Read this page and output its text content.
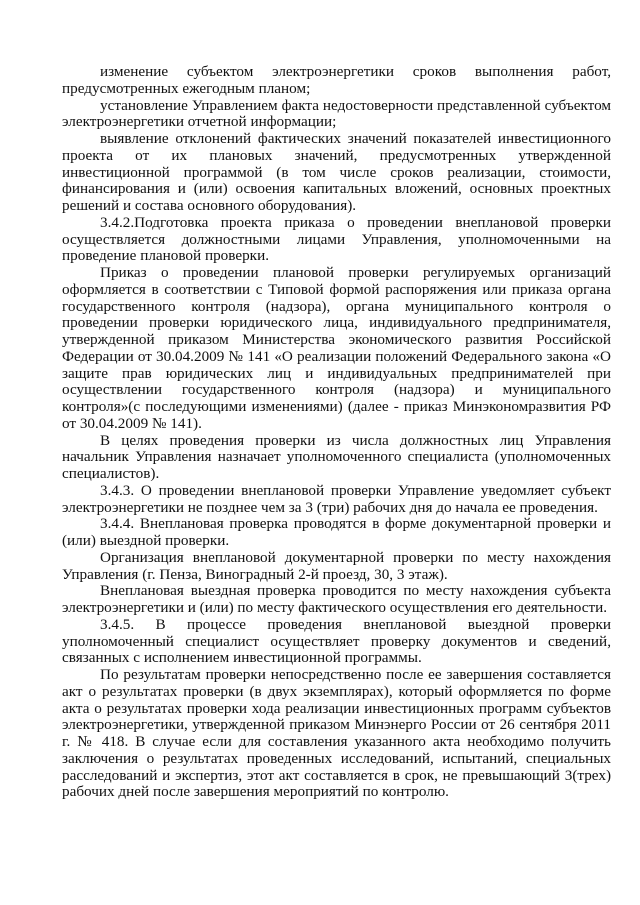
изменение субъектом электроэнергетики сроков выполнения работ, предусмотренных ежегодным планом;

установление Управлением факта недостоверности представленной субъектом электроэнергетики отчетной информации;

выявление отклонений фактических значений показателей инвестиционного проекта от их плановых значений, предусмотренных утвержденной инвестиционной программой (в том числе сроков реализации, стоимости, финансирования и (или) освоения капитальных вложений, основных проектных решений и состава основного оборудования).

3.4.2.Подготовка проекта приказа о проведении внеплановой проверки осуществляется должностными лицами Управления, уполномоченными на проведение плановой проверки.

Приказ о проведении плановой проверки регулируемых организаций оформляется в соответствии с Типовой формой распоряжения или приказа органа государственного контроля (надзора), органа муниципального контроля о проведении проверки юридического лица, индивидуального предпринимателя, утвержденной приказом Министерства экономического развития Российской Федерации от 30.04.2009 № 141 «О реализации положений Федерального закона «О защите прав юридических лиц и индивидуальных предпринимателей при осуществлении государственного контроля (надзора) и муниципального контроля»(с последующими изменениями) (далее - приказ Минэкономразвития РФ от 30.04.2009 № 141).

В целях проведения проверки из числа должностных лиц Управления начальник Управления назначает уполномоченного специалиста (уполномоченных специалистов).

3.4.3. О проведении внеплановой проверки Управление уведомляет субъект электроэнергетики не позднее чем за 3 (три) рабочих дня до начала ее проведения.

3.4.4. Внеплановая проверка проводятся в форме документарной проверки и (или) выездной проверки.

Организация внеплановой документарной проверки по месту нахождения Управления (г. Пенза, Виноградный 2-й проезд, 30, 3 этаж).

Внеплановая выездная проверка проводится по месту нахождения субъекта электроэнергетики и (или) по месту фактического осуществления его деятельности.

3.4.5. В процессе проведения внеплановой выездной проверки уполномоченный специалист осуществляет проверку документов и сведений, связанных с исполнением инвестиционной программы.

По результатам проверки непосредственно после ее завершения составляется акт о результатах проверки (в двух экземплярах), который оформляется по форме акта о результатах проверки хода реализации инвестиционных программ субъектов электроэнергетики, утвержденной приказом Минэнерго России от 26 сентября 2011 г. № 418. В случае если для составления указанного акта необходимо получить заключения о результатах проведенных исследований, испытаний, специальных расследований и экспертиз, этот акт составляется в срок, не превышающий 3(трех) рабочих дней после завершения мероприятий по контролю.
